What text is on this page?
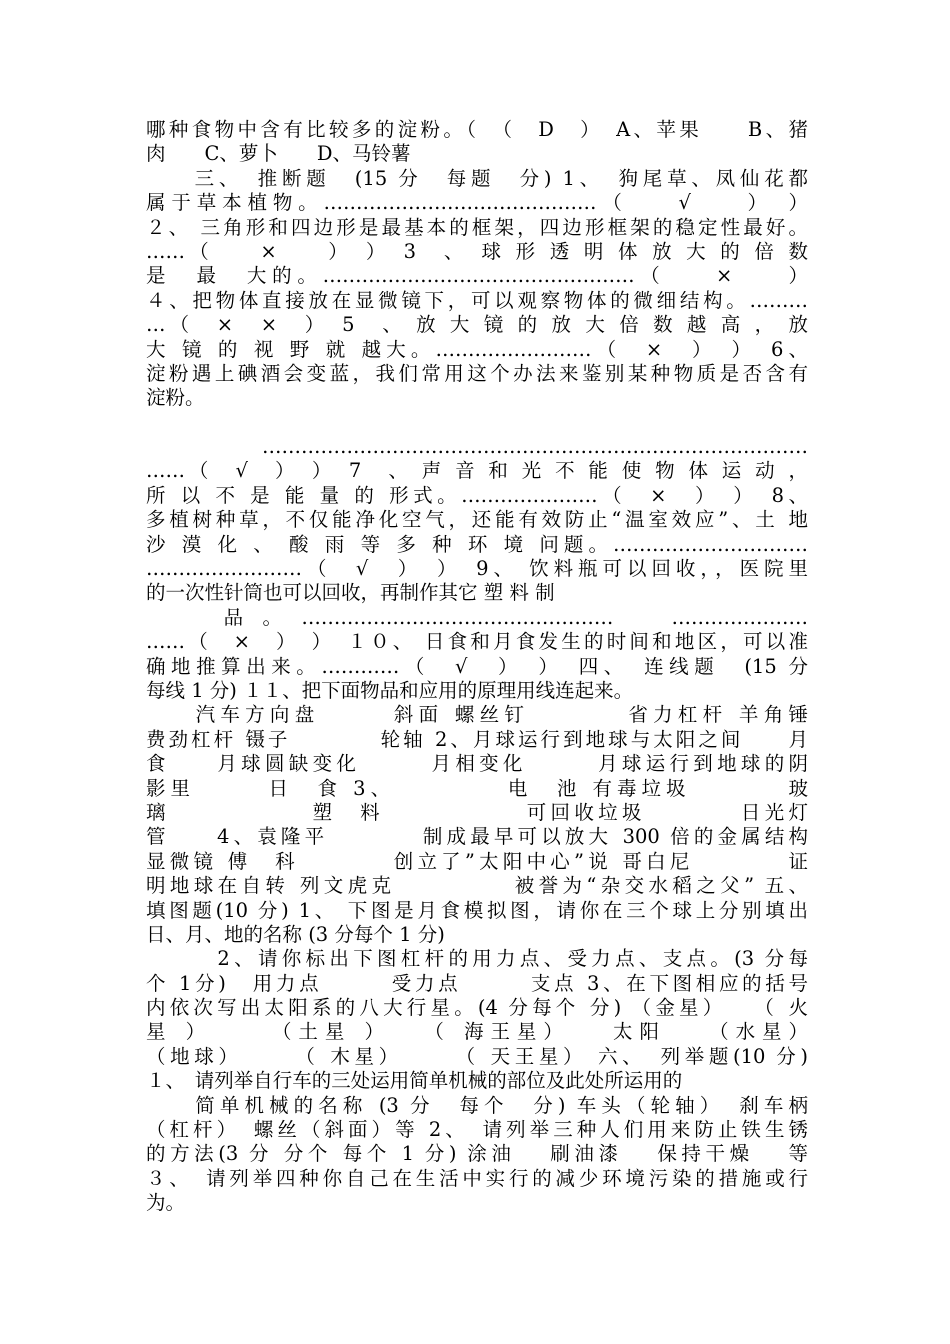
哪种食物中含有比较多的淀粉。（　（　D　）　A、苹果　　B、猪
肉　　C、萝卜　　D、马铃薯
　　三、　推断题　(15 分　每题　分) 1、　狗尾草、凤仙花都
属于草本植物。……………………………………（　　√　　）　）
２、 三角形和四边形是最基本的框架，四边形框架的稳定性最好。
……（　　×　　）　）　3　、　球 形 透 明 体 放 大 的 倍 数
是　最　大的。…………………………………………（　　×　　）
４、把物体直接放在显微镜下，可以观察物体的微细结构。………
…（　×　×　）　5　、 放 大 镜 的 放 大 倍 数 越 高 ， 放
大 镜 的 视 野 就 越大。……………………（　×　）　）　6、
淀粉遇上碘酒会变蓝，我们常用这个办法来鉴别某种物质是否含有
淀粉。
　　…………………………………………………………………………
……（　√　）　）　7　、 声 音 和 光 不 能 使 物 体 运 动 ，
所 以 不 是 能 量 的 形式。…………………（　×　）　）　8、
多植树种草，不仅能净化空气，还能有效防止“温室效应”、土 地
沙 漠 化 、 酸 雨 等 多 种 环 境 问题。…………………………
……………………（　√　）　）　9、 饮料瓶可以回收，，医院里
的一次性针筒也可以回收，再制作其它 塑 料 制
　　品。…………………………………………　…………………
……（　×　）　）　１０、 日食和月食发生的时间和地区，可以准
确地推算出来。…………（　√　）　）　四、　连线题　(15 分
每线 1 分) １１、把下面物品和应用的原理用线连起来。
　　汽车方向盘　　　斜面 螺丝钉　　　　省力杠杆 羊角锤
费劲杠杆 镊子　　　　轮轴 2、月球运行到地球与太阳之间　　月
食　　月球圆缺变化　　　月相变化　　　月球运行到地球的阴
影里　　　日　食 3、　　　　　电　池 有毒垃圾　　　　玻
璃　　　　　　塑　料　　　　　　可回收垃圾　　　　日光灯
管　　4、袁隆平　　　　制成最早可以放大 300 倍的金属结构
显微镜 傅　科　　　　创立了”太阳中心”说 哥白尼　　　　证
明地球在自转 列文虎克　　　　　被誉为“杂交水稻之父” 五、
填图题(10 分) 1、 下图是月食模拟图，请你在三个球上分别填出
日、月、地的名称 (3 分每个 1 分)
　　　2、请你标出下图杠杆的用力点、受力点、支点。(3 分每
个 1分)　用力点　　　受力点　　　支点 3、在下图相应的括号
内依次写出太阳系的八大行星。(4 分每个 分) （金星）　　（ 火
星 ）　　　（土星 ）　　（ 海王星）　　太阳　　（水星）
（地球）　　　（ 木星）　　　（ 天王星） 六、　列举题(10 分)
１、　请列举自行车的三处运用简单机械的部位及此处所运用的
　　简单机械的名称 (3 分　每个　分) 车头（轮轴）　刹车柄
（杠杆）　螺丝（斜面）等 2、　请列举三种人们用来防止铁生锈
的方法(3 分 分个 每个 1 分) 涂油　 刷油漆　 保持干燥　 等
３、　请列举四种你自己在生活中实行的减少环境污染的措施或行
为。
